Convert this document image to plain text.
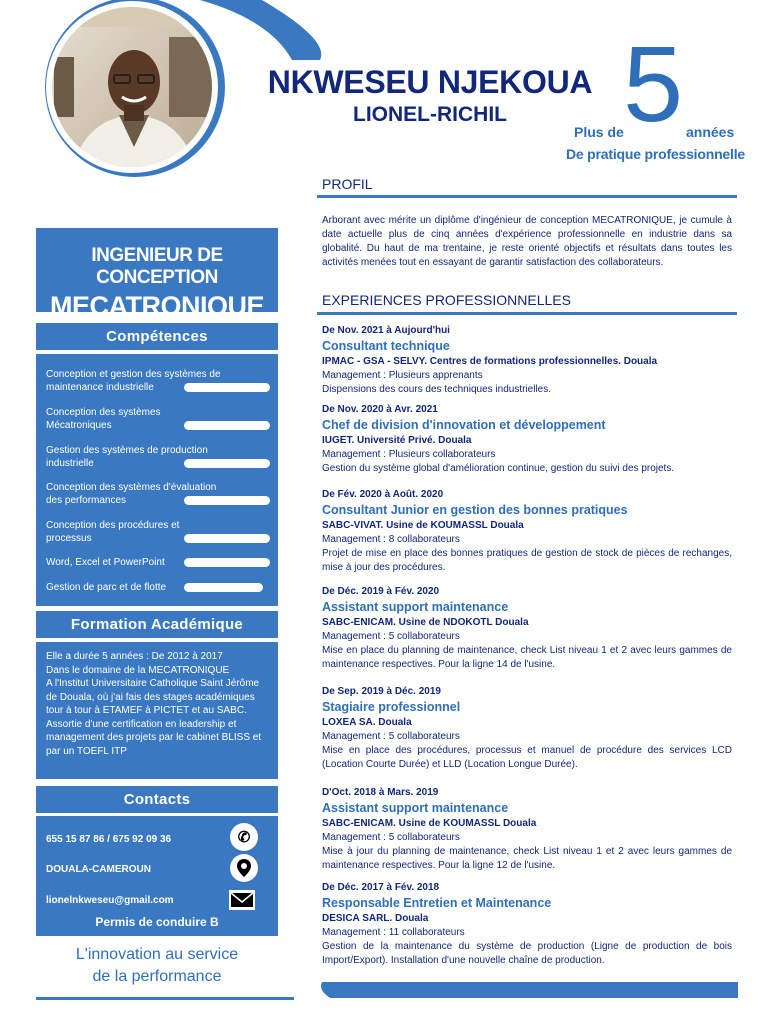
NKWESEU NJEKOUA
LIONEL-RICHIL
Plus de 5 années
De pratique professionnelle
INGENIEUR DE CONCEPTION
MECATRONIQUE
Compétences
Conception et gestion des systèmes de maintenance industrielle
Conception des systèmes Mécatroniques
Gestion des systèmes de production industrielle
Conception des systèmes d'évaluation des performances
Conception des procédures et processus
Word, Excel et PowerPoint
Gestion de parc et de flotte
Formation Académique
Elle a durée 5 années : De 2012 à 2017
Dans le domaine de la MECATRONIQUE
A l'Institut Universitaire Catholique Saint Jérôme de Douala, où j'ai fais des stages académiques tour à tour à ETAMEF à PICTET et au SABC.
Assortie d'une certification en leadership et management des projets par le cabinet BLISS et par un TOEFL ITP
Contacts
655 15 87 86 / 675 92 09 36	✆
DOUALA-CAMEROUN
lionelnkweseu@gmail.com
Permis de conduire B
L'innovation au service
de la performance
PROFIL
Arborant avec mérite un diplôme d'ingénieur de conception MECATRONIQUE, je cumule à date actuelle plus de cinq années d'expérience professionnelle en industrie dans sa globalité. Du haut de ma trentaine, je reste orienté objectifs et résultats dans toutes les activités menées tout en essayant de garantir satisfaction des collaborateurs.
EXPERIENCES PROFESSIONNELLES
De Nov. 2021 à Aujourd'hui
Consultant technique
IPMAC - GSA - SELVY. Centres de formations professionnelles. Douala
Management : Plusieurs apprenants
Dispensions des cours des techniques industrielles.
De Nov. 2020 à Avr. 2021
Chef de division d'innovation et développement
IUGET. Université Privé. Douala
Management : Plusieurs collaborateurs
Gestion du système global d'amélioration continue, gestion du suivi des projets.
De Fév. 2020 à Août. 2020
Consultant Junior en gestion des bonnes pratiques
SABC-VIVAT. Usine de KOUMASSL Douala
Management : 8 collaborateurs
Projet de mise en place des bonnes pratiques de gestion de stock de pièces de rechanges, mise à jour des procédures.
De Déc. 2019 à Fév. 2020
Assistant support maintenance
SABC-ENICAM. Usine de NDOKOTL Douala
Management : 5 collaborateurs
Mise en place du planning de maintenance, check List niveau 1 et 2 avec leurs gammes de maintenance respectives. Pour la ligne 14 de l'usine.
De Sep. 2019 à Déc. 2019
Stagiaire professionnel
LOXEA SA. Douala
Management : 5 collaborateurs
Mise en place des procédures, processus et manuel de procédure des services LCD (Location Courte Durée) et LLD (Location Longue Durée).
D'Oct. 2018 à Mars. 2019
Assistant support maintenance
SABC-ENICAM. Usine de KOUMASSL Douala
Management : 5 collaborateurs
Mise à jour du planning de maintenance, check List niveau 1 et 2 avec leurs gammes de maintenance respectives. Pour la ligne 12 de l'usine.
De Déc. 2017 à Fév. 2018
Responsable Entretien et Maintenance
DESICA SARL. Douala
Management : 11 collaborateurs
Gestion de la maintenance du système de production (Ligne de production de bois Import/Export). Installation d'une nouvelle chaîne de production.
